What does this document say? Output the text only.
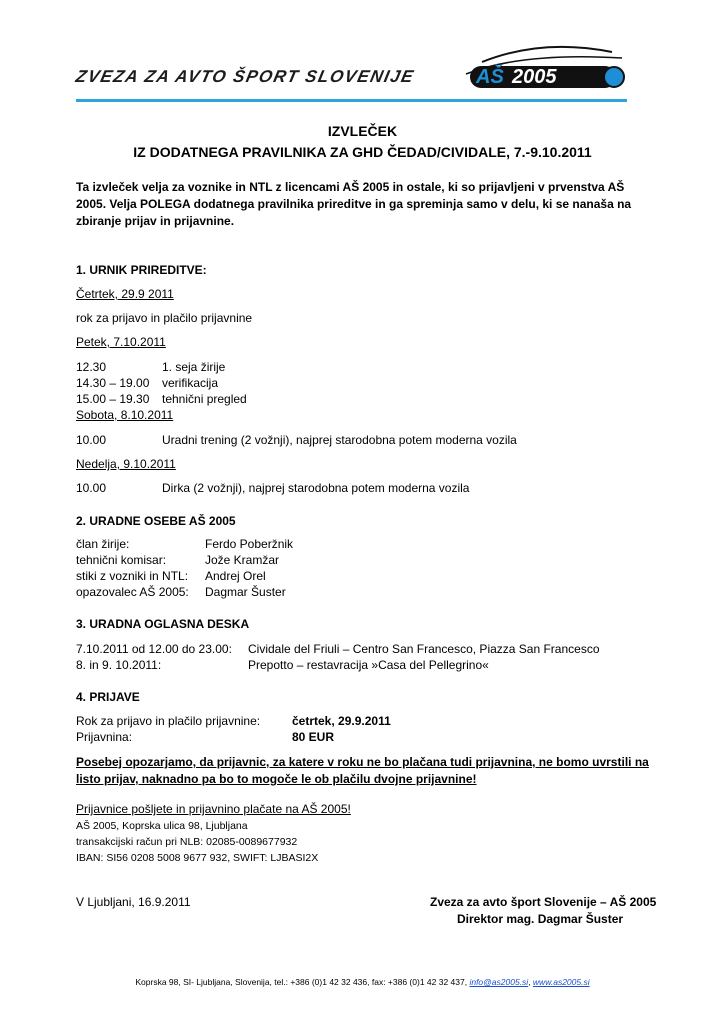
ZVEZA ZA AVTO ŠPORT SLOVENIJE	AŠ 2005
IZVLEČEK
IZ DODATNEGA PRAVILNIKA ZA GHD ČEDAD/CIVIDALE, 7.-9.10.2011
Ta izvleček velja za voznike in NTL z licencami AŠ 2005 in ostale, ki so prijavljeni v prvenstva AŠ 2005. Velja POLEGA dodatnega pravilnika prireditve in ga spreminja samo v delu, ki se nanaša na zbiranje prijav in prijavnine.
1. URNIK PRIREDITVE:
Četrtek, 29.9 2011
rok za prijavo in plačilo prijavnine
Petek, 7.10.2011
12.30	1. seja žirije
14.30 – 19.00 verifikacija
15.00 – 19.30 tehnični pregled
Sobota, 8.10.2011
10.00	Uradni trening (2 vožnji), najprej starodobna potem moderna vozila
Nedelja, 9.10.2011
10.00	Dirka (2 vožnji), najprej starodobna potem moderna vozila
2. URADNE OSEBE AŠ 2005
član žirije:	Ferdo Poberžnik
tehnični komisar:	Jože Kramžar
stiki z vozniki in NTL: Andrej Orel
opazovalec AŠ 2005: Dagmar Šuster
3. URADNA OGLASNA DESKA
7.10.2011 od 12.00 do 23.00: Cividale del Friuli – Centro San Francesco, Piazza San Francesco
8. in 9. 10.2011:	Prepotto – restavracija »Casa del Pellegrino«
4. PRIJAVE
Rok za prijavo in plačilo prijavnine:	četrtek, 29.9.2011
Prijavnina:	80 EUR
Posebej opozarjamo, da prijavnic, za katere v roku ne bo plačana tudi prijavnina, ne bomo uvrstili na listo prijav, naknadno pa bo to mogoče le ob plačilu dvojne prijavnine!
Prijavnice pošljete in prijavnino plačate na AŠ 2005!
AŠ 2005, Koprska ulica 98, Ljubljana
transakcijski račun pri NLB: 02085-0089677932
IBAN: SI56 0208 5008 9677 932, SWIFT: LJBASI2X
V Ljubljani, 16.9.2011	Zveza za avto šport Slovenije – AŠ 2005
Direktor mag. Dagmar Šuster
Koprska 98, SI- Ljubljana, Slovenija, tel.: +386 (0)1 42 32 436, fax: +386 (0)1 42 32 437, info@as2005.si, www.as2005.si
